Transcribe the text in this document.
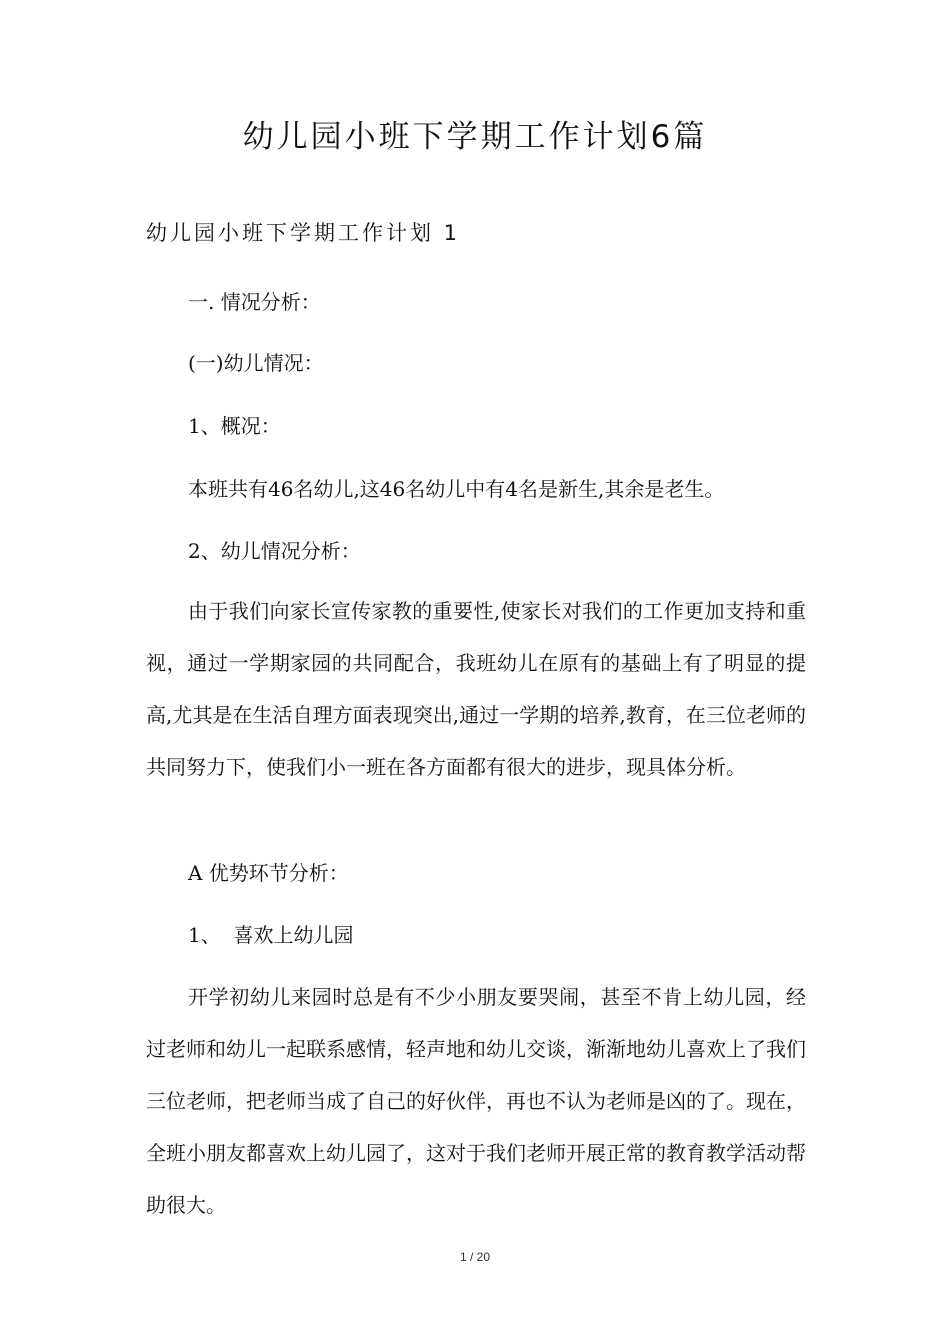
幼儿园小班下学期工作计划6篇
幼儿园小班下学期工作计划 1
一. 情况分析：
(一)幼儿情况：
1、概况：
本班共有46名幼儿,这46名幼儿中有4名是新生,其余是老生。
2、幼儿情况分析：
由于我们向家长宣传家教的重要性,使家长对我们的工作更加支持和重视，通过一学期家园的共同配合，我班幼儿在原有的基础上有了明显的提高,尤其是在生活自理方面表现突出,通过一学期的培养,教育，在三位老师的共同努力下，使我们小一班在各方面都有很大的进步，现具体分析。
A 优势环节分析：
1、  喜欢上幼儿园
开学初幼儿来园时总是有不少小朋友要哭闹，甚至不肯上幼儿园，经过老师和幼儿一起联系感情，轻声地和幼儿交谈，渐渐地幼儿喜欢上了我们三位老师，把老师当成了自己的好伙伴，再也不认为老师是凶的了。现在，全班小朋友都喜欢上幼儿园了，这对于我们老师开展正常的教育教学活动帮助很大。
1 / 20
